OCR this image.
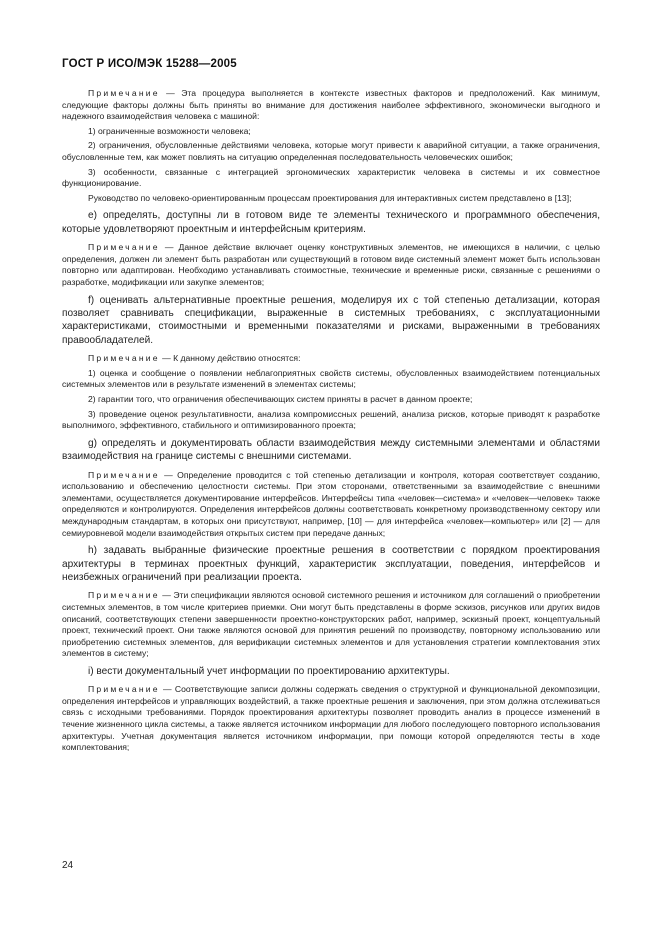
ГОСТ Р ИСО/МЭК 15288—2005

Примечание — Эта процедура выполняется в контексте известных факторов и предположений. Как минимум, следующие факторы должны быть приняты во внимание для достижения наиболее эффективного, экономически выгодного и надежного взаимодействия человека с машиной:

1) ограниченные возможности человека;

2) ограничения, обусловленные действиями человека, которые могут привести к аварийной ситуации, а также ограничения, обусловленные тем, как может повлиять на ситуацию определенная последовательность человеческих ошибок;

3) особенности, связанные с интеграцией эргономических характеристик человека в системы и их совместное функционирование.

Руководство по человеко-ориентированным процессам проектирования для интерактивных систем представлено в [13];

e) определять, доступны ли в готовом виде те элементы технического и программного обеспечения, которые удовлетворяют проектным и интерфейсным критериям.

Примечание — Данное действие включает оценку конструктивных элементов, не имеющихся в наличии, с целью определения, должен ли элемент быть разработан или существующий в готовом виде системный элемент может быть использован повторно или адаптирован. Необходимо устанавливать стоимостные, технические и временные риски, связанные с решениями о разработке, модификации или закупке элементов;

f) оценивать альтернативные проектные решения, моделируя их с той степенью детализации, которая позволяет сравнивать спецификации, выраженные в системных требованиях, с эксплуатационными характеристиками, стоимостными и временными показателями и рисками, выраженными в требованиях правообладателей.

Примечание — К данному действию относятся:

1) оценка и сообщение о появлении неблагоприятных свойств системы, обусловленных взаимодействием потенциальных системных элементов или в результате изменений в элементах системы;

2) гарантии того, что ограничения обеспечивающих систем приняты в расчет в данном проекте;

3) проведение оценок результативности, анализа компромиссных решений, анализа рисков, которые приводят к разработке выполнимого, эффективного, стабильного и оптимизированного проекта;

g) определять и документировать области взаимодействия между системными элементами и областями взаимодействия на границе системы с внешними системами.

Примечание — Определение проводится с той степенью детализации и контроля, которая соответствует созданию, использованию и обеспечению целостности системы. При этом сторонами, ответственными за взаимодействие с внешними элементами, осуществляется документирование интерфейсов. Интерфейсы типа «человек—система» и «человек—человек» также определяются и контролируются. Определения интерфейсов должны соответствовать конкретному производственному сектору или международным стандартам, в которых они присутствуют, например, [10] — для интерфейса «человек—компьютер» или [2] — для семиуровневой модели взаимодействия открытых систем при передаче данных;

h) задавать выбранные физические проектные решения в соответствии с порядком проектирования архитектуры в терминах проектных функций, характеристик эксплуатации, поведения, интерфейсов и неизбежных ограничений при реализации проекта.

Примечание — Эти спецификации являются основой системного решения и источником для соглашений о приобретении системных элементов, в том числе критериев приемки. Они могут быть представлены в форме эскизов, рисунков или других видов описаний, соответствующих степени завершенности проектно-конструкторских работ, например, эскизный проект, концептуальный проект, технический проект. Они также являются основой для принятия решений по производству, повторному использованию или приобретению системных элементов, для верификации системных элементов и для установления стратегии комплектования этих элементов в систему;

i) вести документальный учет информации по проектированию архитектуры.

Примечание — Соответствующие записи должны содержать сведения о структурной и функциональной декомпозиции, определения интерфейсов и управляющих воздействий, а также проектные решения и заключения, при этом должна отслеживаться связь с исходными требованиями. Порядок проектирования архитектуры позволяет проводить анализ в процессе изменений в течение жизненного цикла системы, а также является источником информации для любого последующего повторного использования архитектуры. Учетная документация является источником информации, при помощи которой определяются тесты в ходе комплектования;

24
